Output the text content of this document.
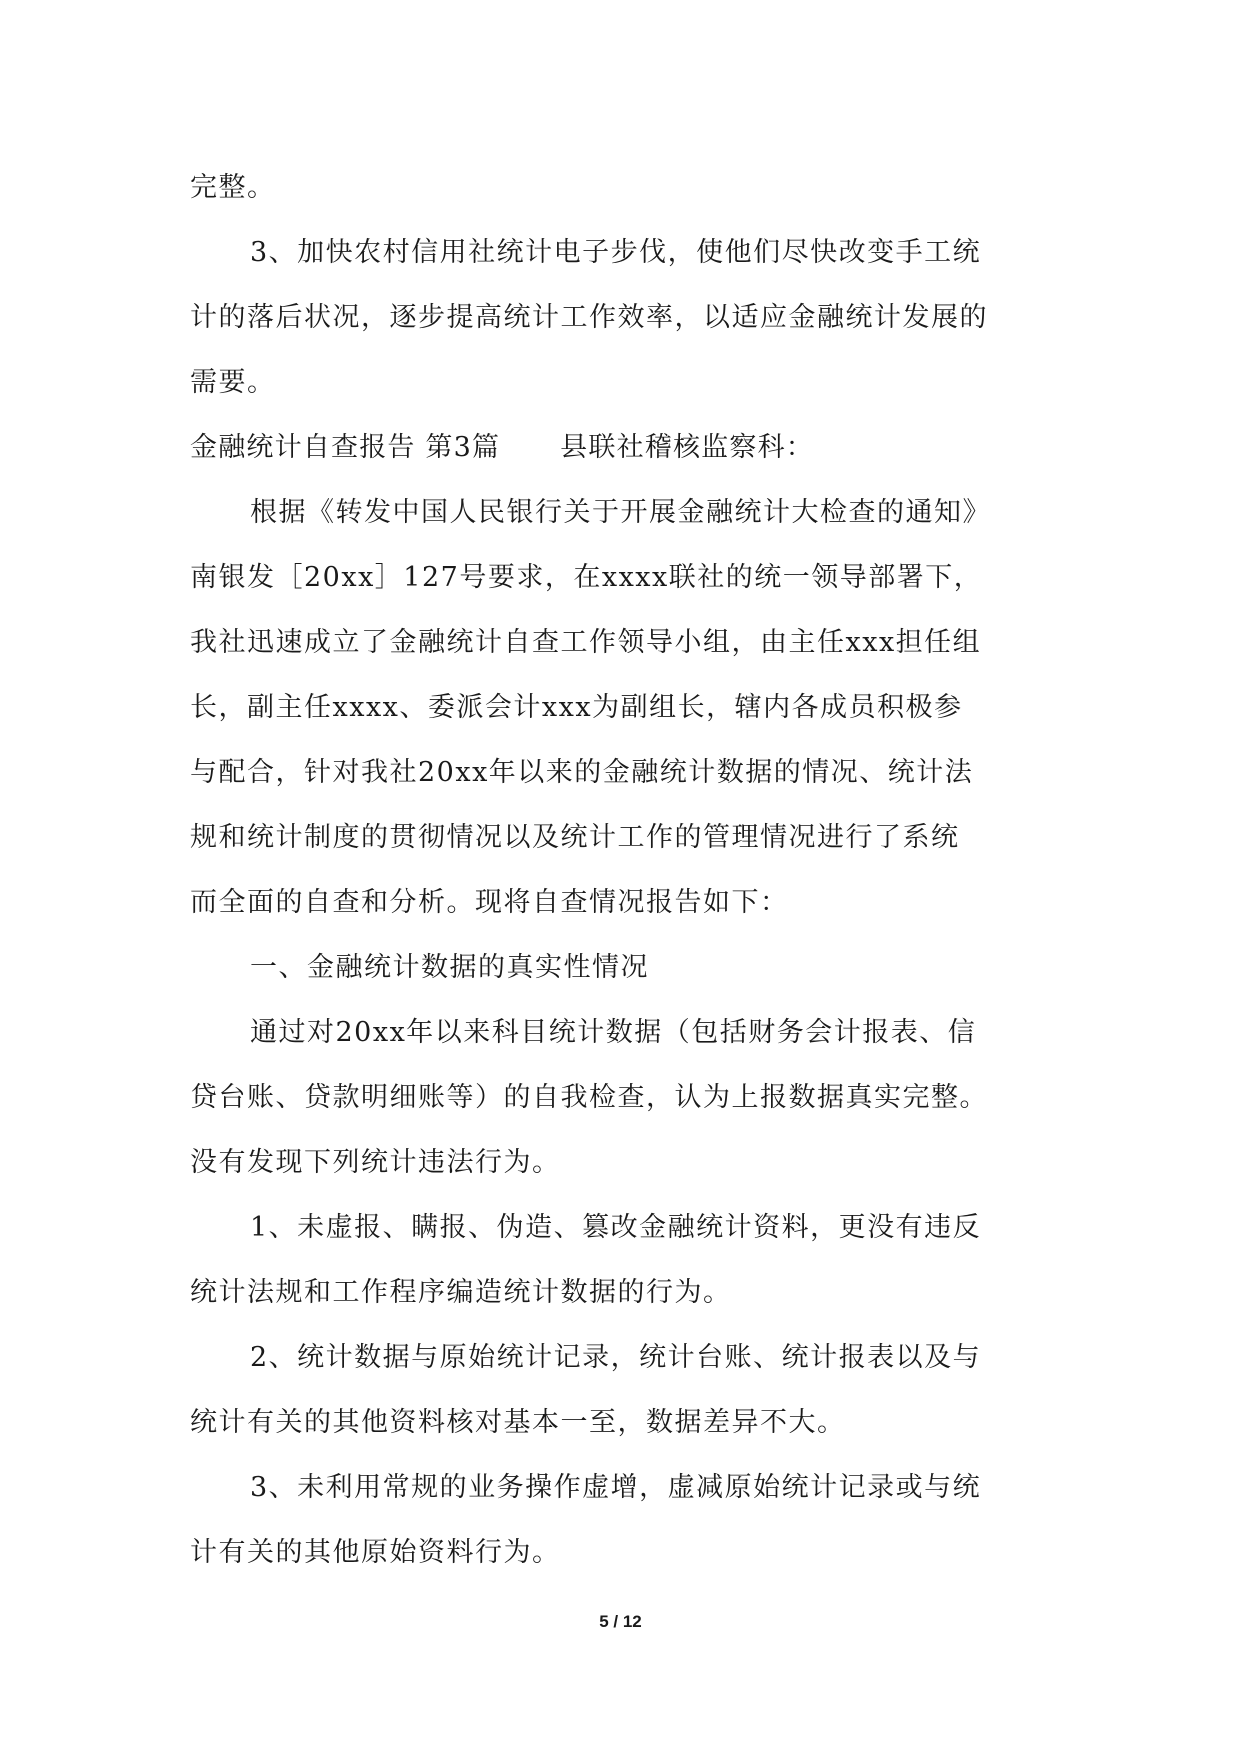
完整。

3、加快农村信用社统计电子步伐，使他们尽快改变手工统

计的落后状况，逐步提高统计工作效率，以适应金融统计发展的

需要。

金融统计自查报告 第3篇 县联社稽核监察科：

根据《转发中国人民银行关于开展金融统计大检查的通知》

南银发［20xx］127号要求，在xxxx联社的统一领导部署下，

我社迅速成立了金融统计自查工作领导小组，由主任xxx担任组

长，副主任xxxx、委派会计xxx为副组长，辖内各成员积极参

与配合，针对我社20xx年以来的金融统计数据的情况、统计法

规和统计制度的贯彻情况以及统计工作的管理情况进行了系统

而全面的自查和分析。现将自查情况报告如下：

一、金融统计数据的真实性情况

通过对20xx年以来科目统计数据（包括财务会计报表、信

贷台账、贷款明细账等）的自我检查，认为上报数据真实完整。

没有发现下列统计违法行为。

1、未虚报、瞒报、伪造、篡改金融统计资料，更没有违反

统计法规和工作程序编造统计数据的行为。

2、统计数据与原始统计记录，统计台账、统计报表以及与

统计有关的其他资料核对基本一至，数据差异不大。

3、未利用常规的业务操作虚增，虚减原始统计记录或与统

计有关的其他原始资料行为。

5 / 12
